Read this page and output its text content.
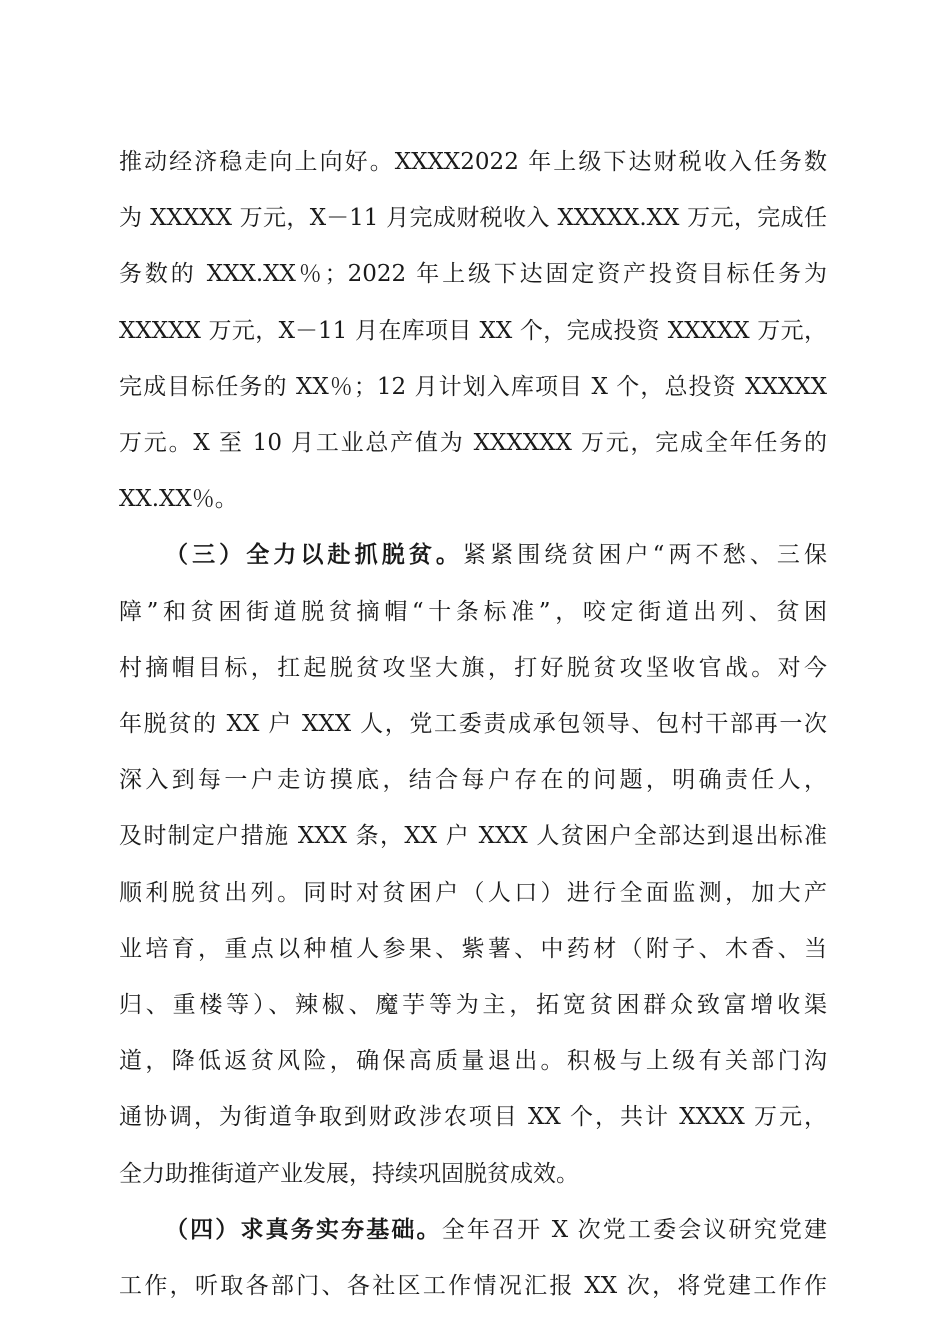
推动经济稳走向上向好。XXXX2022 年上级下达财税收入任务数
为 XXXXX 万元，X－11 月完成财税收入 XXXXX.XX 万元，完成任
务数的 XXX.XX％；2022 年上级下达固定资产投资目标任务为
XXXXX 万元，X－11 月在库项目 XX 个，完成投资 XXXXX 万元，
完成目标任务的 XX％；12 月计划入库项目 X 个，总投资 XXXXX
万元。X 至 10 月工业总产值为 XXXXXX 万元，完成全年任务的
XX.XX％。
（三）全力以赴抓脱贫。紧紧围绕贫困户“两不愁、三保
障”和贫困街道脱贫摘帽“十条标准”，咬定街道出列、贫困
村摘帽目标，扛起脱贫攻坚大旗，打好脱贫攻坚收官战。对今
年脱贫的 XX 户 XXX 人，党工委责成承包领导、包村干部再一次
深入到每一户走访摸底，结合每户存在的问题，明确责任人，
及时制定户措施 XXX 条，XX 户 XXX 人贫困户全部达到退出标准
顺利脱贫出列。同时对贫困户（人口）进行全面监测，加大产
业培育，重点以种植人参果、紫薯、中药材（附子、木香、当
归、重楼等）、辣椒、魔芋等为主，拓宽贫困群众致富增收渠
道，降低返贫风险，确保高质量退出。积极与上级有关部门沟
通协调，为街道争取到财政涉农项目 XX 个，共计 XXXX 万元，
全力助推街道产业发展，持续巩固脱贫成效。
（四）求真务实夯基础。全年召开 X 次党工委会议研究党建
工作，听取各部门、各社区工作情况汇报 XX 次，将党建工作作
